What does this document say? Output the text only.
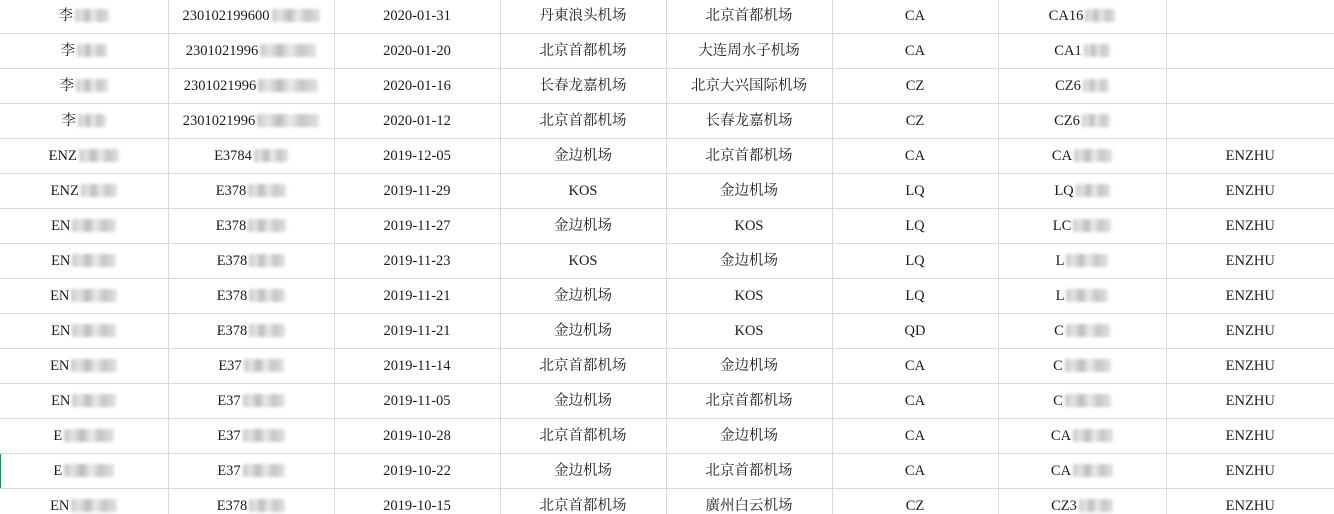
李	230102199600	2020-01-31	丹東浪头机场	北京首都机场	CA	CA16	

李	2301021996	2020-01-20	北京首都机场	大连周水子机场	CA	CA1	

李	2301021996	2020-01-16	长春龙嘉机场	北京大兴国际机场	CZ	CZ6	

李	2301021996	2020-01-12	北京首都机场	长春龙嘉机场	CZ	CZ6	

ENZ	E3784	2019-12-05	金边机场	北京首都机场	CA	CA	ENZHU

ENZ	E378	2019-11-29	KOS	金边机场	LQ	LQ	ENZHU

EN	E378	2019-11-27	金边机场	KOS	LQ	LC	ENZHU

EN	E378	2019-11-23	KOS	金边机场	LQ	L	ENZHU

EN	E378	2019-11-21	金边机场	KOS	LQ	L	ENZHU

EN	E378	2019-11-21	金边机场	KOS	QD	C	ENZHU

EN	E37	2019-11-14	北京首都机场	金边机场	CA	C	ENZHU

EN	E37	2019-11-05	金边机场	北京首都机场	CA	C	ENZHU

E	E37	2019-10-28	北京首都机场	金边机场	CA	CA	ENZHU

E	E37	2019-10-22	金边机场	北京首都机场	CA	CA	ENZHU

EN	E378	2019-10-15	北京首都机场	廣州白云机场	CZ	CZ3	ENZHU
